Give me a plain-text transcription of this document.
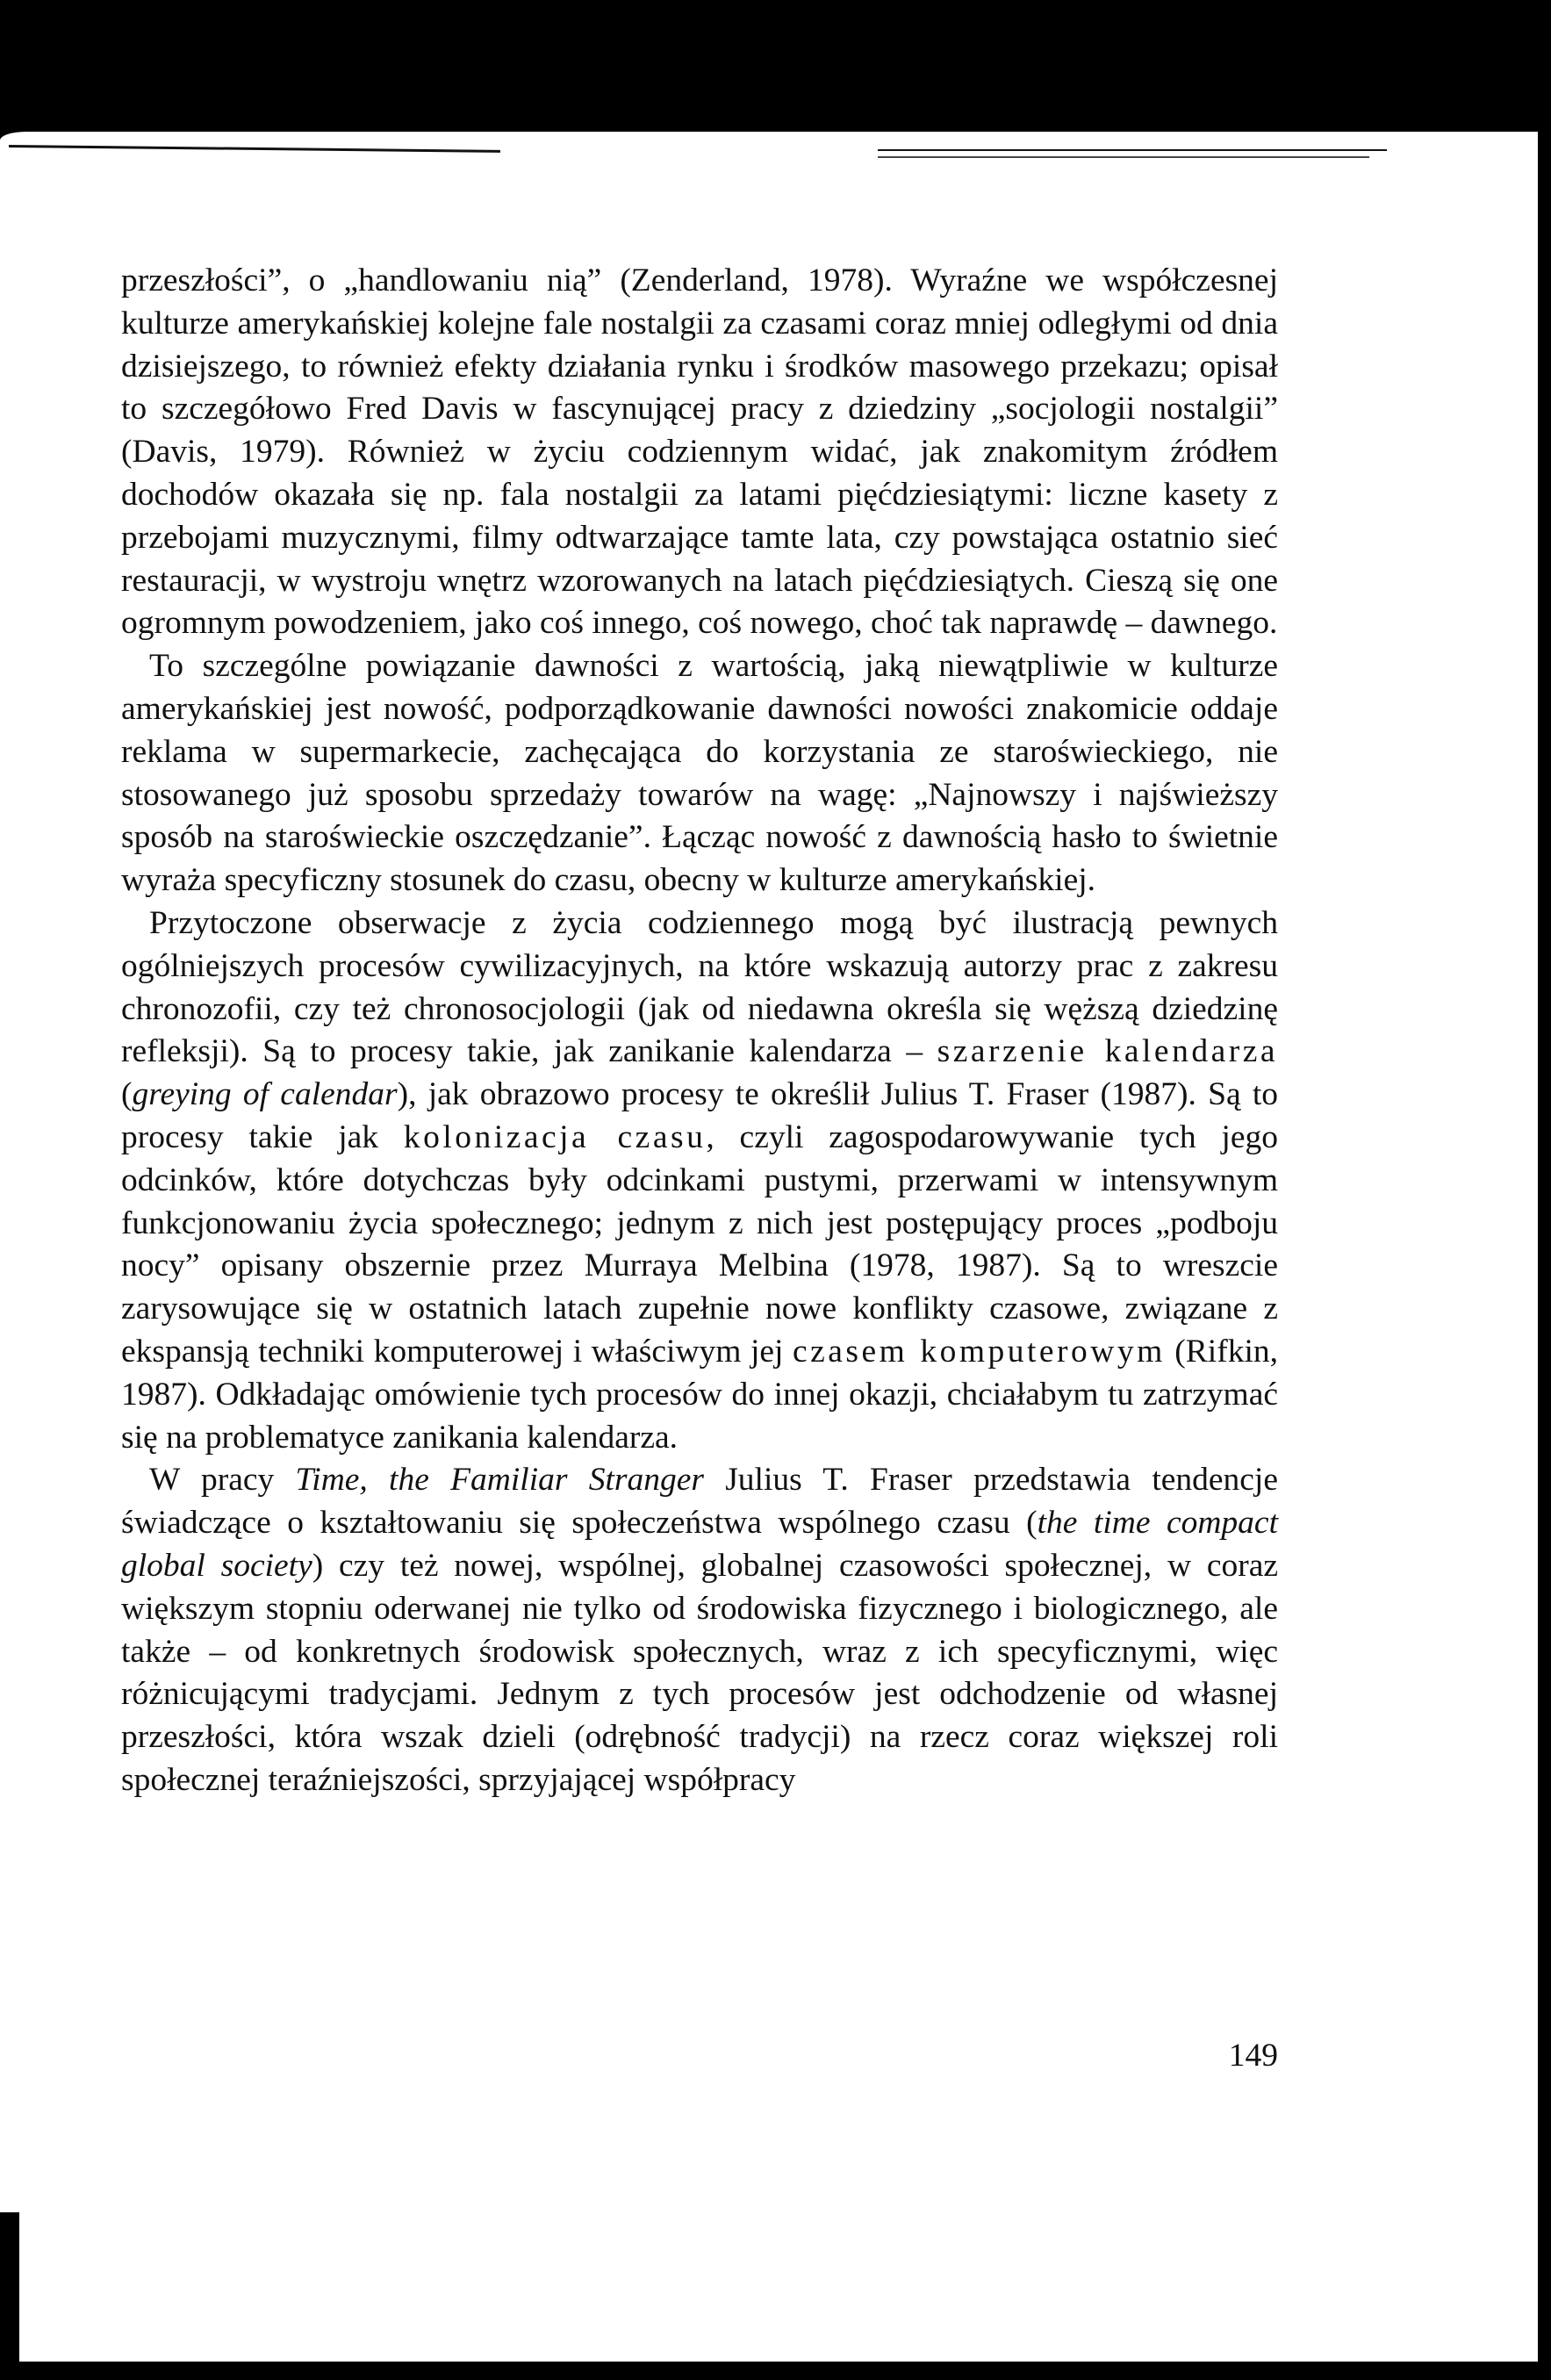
przeszłości”, o „handlowaniu nią” (Zenderland, 1978). Wyraźne we współczesnej kulturze amerykańskiej kolejne fale nostalgii za czasami coraz mniej odległymi od dnia dzisiejszego, to również efekty działania rynku i środków masowego przekazu; opisał to szczegółowo Fred Davis w fascynującej pracy z dziedziny „socjologii nostalgii” (Davis, 1979). Również w życiu codziennym widać, jak znakomitym źródłem dochodów okazała się np. fala nostalgii za latami pięćdziesiątymi: liczne kasety z przebojami muzycznymi, filmy odtwarzające tamte lata, czy powstająca ostatnio sieć restauracji, w wystroju wnętrz wzorowanych na latach pięćdziesiątych. Cieszą się one ogromnym powodzeniem, jako coś innego, coś nowego, choć tak naprawdę – dawnego.

To szczególne powiązanie dawności z wartością, jaką niewątpliwie w kulturze amerykańskiej jest nowość, podporządkowanie dawności nowości znakomicie oddaje reklama w supermarkecie, zachęcająca do korzystania ze staroświeckiego, nie stosowanego już sposobu sprzedaży towarów na wagę: „Najnowszy i najświeższy sposób na staroświeckie oszczędzanie”. Łącząc nowość z dawnością hasło to świetnie wyraża specyficzny stosunek do czasu, obecny w kulturze amerykańskiej.

Przytoczone obserwacje z życia codziennego mogą być ilustracją pewnych ogólniejszych procesów cywilizacyjnych, na które wskazują autorzy prac z zakresu chronozofii, czy też chronosocjologii (jak od niedawna określa się węższą dziedzinę refleksji). Są to procesy takie, jak zanikanie kalendarza – szarzenie kalendarza (greying of calendar), jak obrazowo procesy te określił Julius T. Fraser (1987). Są to procesy takie jak kolonizacja czasu, czyli zagospodarowywanie tych jego odcinków, które dotychczas były odcinkami pustymi, przerwami w intensywnym funkcjonowaniu życia społecznego; jednym z nich jest postępujący proces „podboju nocy” opisany obszernie przez Murraya Melbina (1978, 1987). Są to wreszcie zarysowujące się w ostatnich latach zupełnie nowe konflikty czasowe, związane z ekspansją techniki komputerowej i właściwym jej czasem komputerowym (Rifkin, 1987). Odkładając omówienie tych procesów do innej okazji, chciałabym tu zatrzymać się na problematyce zanikania kalendarza.

W pracy Time, the Familiar Stranger Julius T. Fraser przedstawia tendencje świadczące o kształtowaniu się społeczeństwa wspólnego czasu (the time compact global society) czy też nowej, wspólnej, globalnej czasowości społecznej, w coraz większym stopniu oderwanej nie tylko od środowiska fizycznego i biologicznego, ale także – od konkretnych środowisk społecznych, wraz z ich specyficznymi, więc różnicującymi tradycjami. Jednym z tych procesów jest odchodzenie od własnej przeszłości, która wszak dzieli (odrębność tradycji) na rzecz coraz większej roli społecznej teraźniejszości, sprzyjającej współpracy

149
